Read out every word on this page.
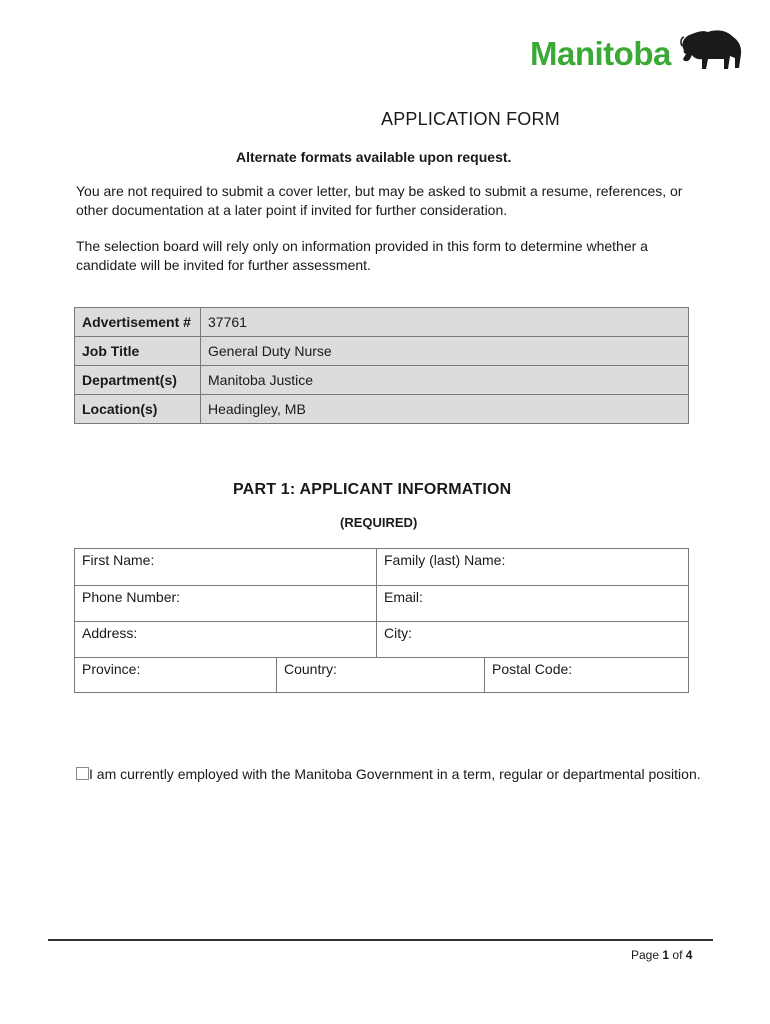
Manitoba
APPLICATION FORM
Alternate formats available upon request.
You are not required to submit a cover letter, but may be asked to submit a resume, references, or other documentation at a later point if invited for further consideration.
The selection board will rely only on information provided in this form to determine whether a candidate will be invited for further assessment.
Advertisement #	37761
Job Title	General Duty Nurse
Department(s)	Manitoba Justice
Location(s)	Headingley, MB
PART 1: APPLICANT INFORMATION
(REQUIRED)
First Name:	Family (last) Name:
Phone Number:	Email:
Address:	City:
Province:	Country:	Postal Code:
I am currently employed with the Manitoba Government in a term, regular or departmental position.
Page 1 of 4
